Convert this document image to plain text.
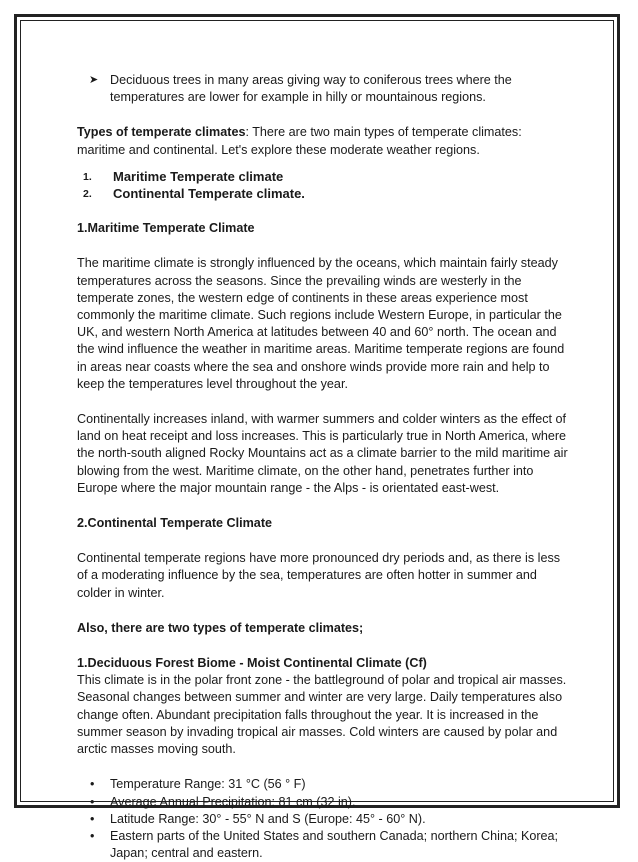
➤ Deciduous trees in many areas giving way to coniferous trees where the temperatures are lower for example in hilly or mountainous regions.

Types of temperate climates: There are two main types of temperate climates: maritime and continental. Let's explore these moderate weather regions.

1. Maritime Temperate climate
2. Continental Temperate climate.

1.Maritime Temperate Climate

The maritime climate is strongly influenced by the oceans, which maintain fairly steady temperatures across the seasons. Since the prevailing winds are westerly in the temperate zones, the western edge of continents in these areas experience most commonly the maritime climate. Such regions include Western Europe, in particular the UK, and western North America at latitudes between 40 and 60° north. The ocean and the wind influence the weather in maritime areas. Maritime temperate regions are found in areas near coasts where the sea and onshore winds provide more rain and help to keep the temperatures level throughout the year.

Continentally increases inland, with warmer summers and colder winters as the effect of land on heat receipt and loss increases. This is particularly true in North America, where the north-south aligned Rocky Mountains act as a climate barrier to the mild maritime air blowing from the west. Maritime climate, on the other hand, penetrates further into Europe where the major mountain range - the Alps - is orientated east-west.

2.Continental Temperate Climate

Continental temperate regions have more pronounced dry periods and, as there is less of a moderating influence by the sea, temperatures are often hotter in summer and colder in winter.

Also, there are two types of temperate climates;

1.Deciduous Forest Biome - Moist Continental Climate (Cf)

This climate is in the polar front zone - the battleground of polar and tropical air masses. Seasonal changes between summer and winter are very large. Daily temperatures also change often. Abundant precipitation falls throughout the year. It is increased in the summer season by invading tropical air masses. Cold winters are caused by polar and arctic masses moving south.

• Temperature Range: 31 °C (56 ° F)
• Average Annual Precipitation: 81 cm (32 in).
• Latitude Range: 30° - 55° N and S (Europe: 45° - 60° N).
• Eastern parts of the United States and southern Canada; northern China; Korea; Japan; central and eastern.
